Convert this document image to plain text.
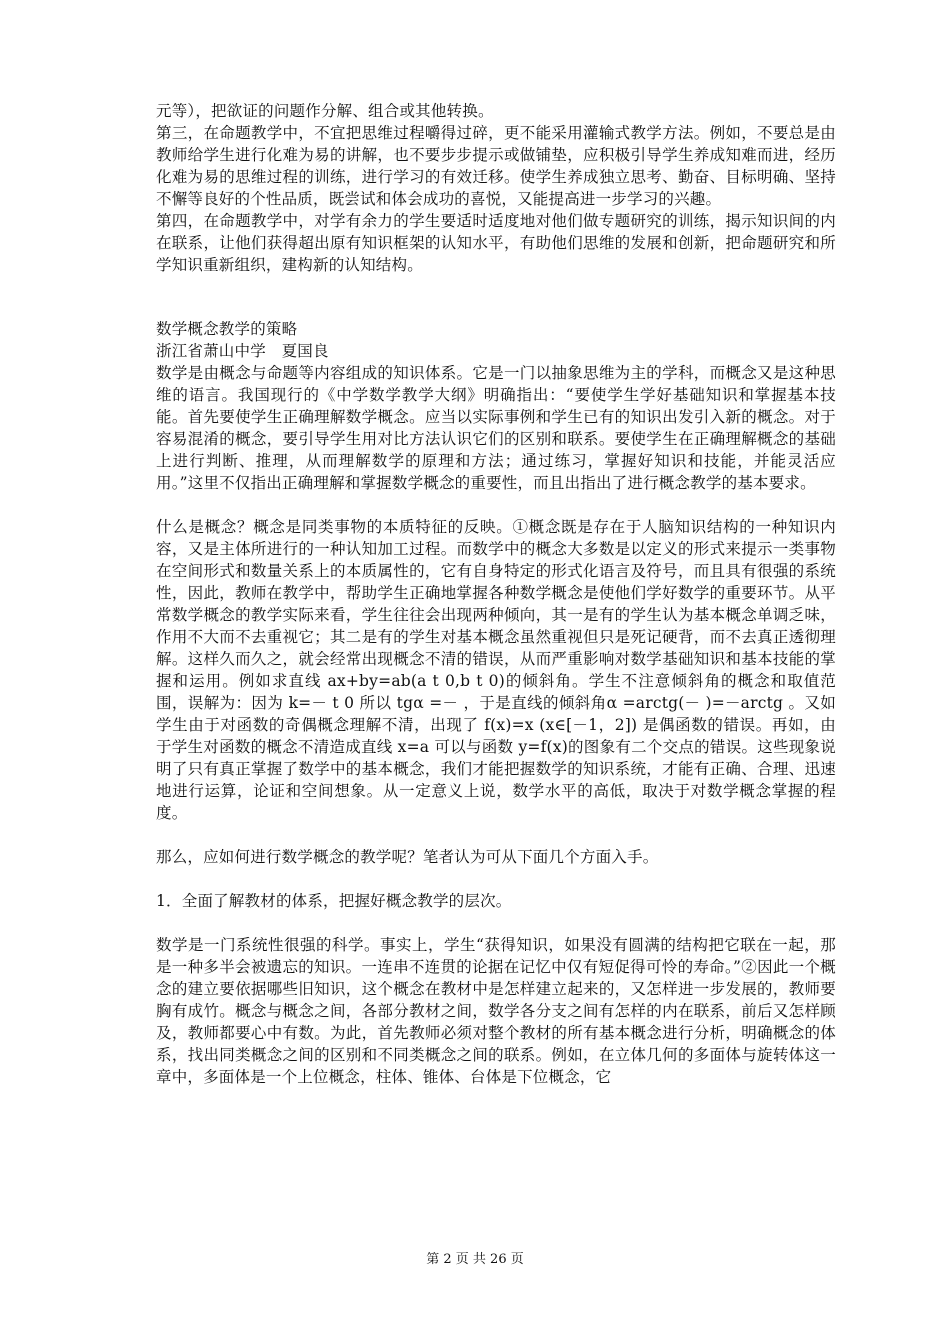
元等），把欲证的问题作分解、组合或其他转换。

第三，在命题教学中，不宜把思维过程嚼得过碎，更不能采用灌输式教学方法。例如，不要总是由教师给学生进行化难为易的讲解，也不要步步提示或做铺垫，应积极引导学生养成知难而进，经历化难为易的思维过程的训练，进行学习的有效迁移。使学生养成独立思考、勤奋、目标明确、坚持不懈等良好的个性品质，既尝试和体会成功的喜悦，又能提高进一步学习的兴趣。

第四，在命题教学中，对学有余力的学生要适时适度地对他们做专题研究的训练，揭示知识间的内在联系，让他们获得超出原有知识框架的认知水平，有助他们思维的发展和创新，把命题研究和所学知识重新组织，建构新的认知结构。

数学概念教学的策略

浙江省萧山中学　夏国良

数学是由概念与命题等内容组成的知识体系。它是一门以抽象思维为主的学科，而概念又是这种思维的语言。我国现行的《中学数学教学大纲》明确指出：“要使学生学好基础知识和掌握基本技能。首先要使学生正确理解数学概念。应当以实际事例和学生已有的知识出发引入新的概念。对于容易混淆的概念，要引导学生用对比方法认识它们的区别和联系。要使学生在正确理解概念的基础上进行判断、推理，从而理解数学的原理和方法；通过练习，掌握好知识和技能，并能灵活应用。”这里不仅指出正确理解和掌握数学概念的重要性，而且出指出了进行概念教学的基本要求。

什么是概念？概念是同类事物的本质特征的反映。①概念既是存在于人脑知识结构的一种知识内容，又是主体所进行的一种认知加工过程。而数学中的概念大多数是以定义的形式来提示一类事物在空间形式和数量关系上的本质属性的，它有自身特定的形式化语言及符号，而且具有很强的系统性，因此，教师在教学中，帮助学生正确地掌握各种数学概念是使他们学好数学的重要环节。从平常数学概念的教学实际来看，学生往往会出现两种倾向，其一是有的学生认为基本概念单调乏味，作用不大而不去重视它；其二是有的学生对基本概念虽然重视但只是死记硬背，而不去真正透彻理解。这样久而久之，就会经常出现概念不清的错误，从而严重影响对数学基础知识和基本技能的掌握和运用。例如求直线 ax+by=ab(a t 0,b t 0)的倾斜角。学生不注意倾斜角的概念和取值范围，误解为：因为 k=－ t 0 所以 tgα =－ ，于是直线的倾斜角α =arctg(－ )=－arctg 。又如学生由于对函数的奇偶概念理解不清，出现了 f(x)=x (x∈[－1，2]) 是偶函数的错误。再如，由于学生对函数的概念不清造成直线 x=a 可以与函数 y=f(x)的图象有二个交点的错误。这些现象说明了只有真正掌握了数学中的基本概念，我们才能把握数学的知识系统，才能有正确、合理、迅速地进行运算，论证和空间想象。从一定意义上说，数学水平的高低，取决于对数学概念掌握的程度。

那么，应如何进行数学概念的教学呢？笔者认为可从下面几个方面入手。

1．全面了解教材的体系，把握好概念教学的层次。

数学是一门系统性很强的科学。事实上，学生“获得知识，如果没有圆满的结构把它联在一起，那是一种多半会被遗忘的知识。一连串不连贯的论据在记忆中仅有短促得可怜的寿命。”②因此一个概念的建立要依据哪些旧知识，这个概念在教材中是怎样建立起来的，又怎样进一步发展的，教师要胸有成竹。概念与概念之间，各部分教材之间，数学各分支之间有怎样的内在联系，前后又怎样顾及，教师都要心中有数。为此，首先教师必须对整个教材的所有基本概念进行分析，明确概念的体系，找出同类概念之间的区别和不同类概念之间的联系。例如，在立体几何的多面体与旋转体这一章中，多面体是一个上位概念，柱体、锥体、台体是下位概念，它

第 2 页 共 26 页
